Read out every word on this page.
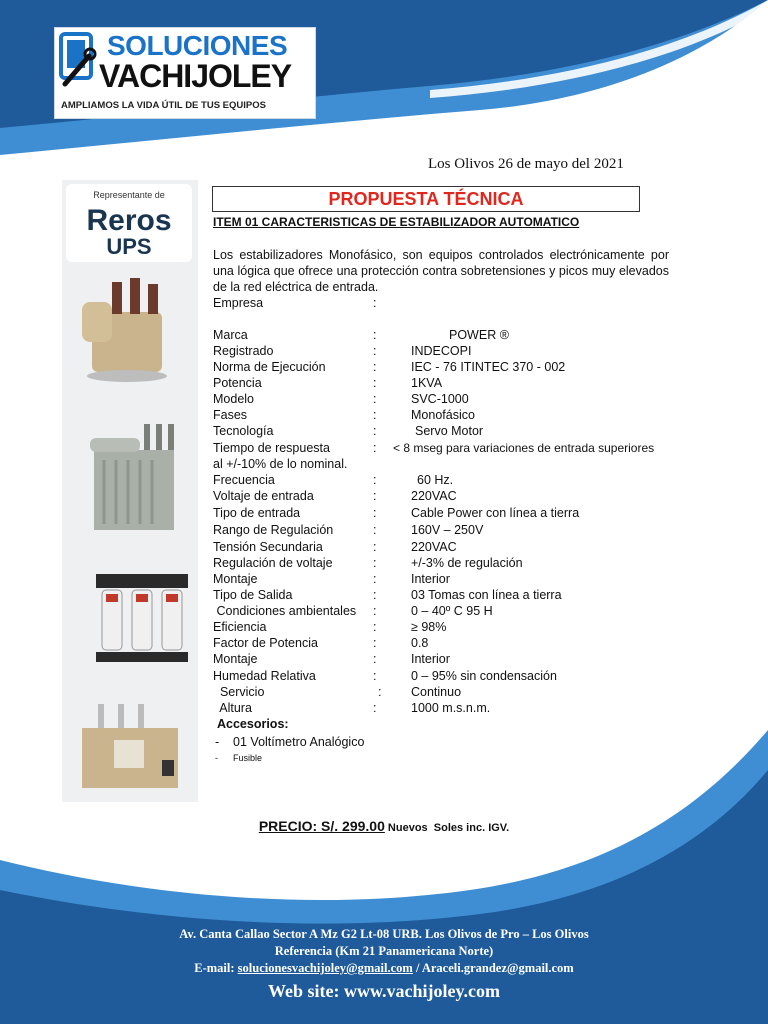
SOLUCIONES
VACHIJOLEY
AMPLIAMOS LA VIDA ÚTIL DE TUS EQUIPOS
Los Olivos 26 de mayo del 2021
Representante de
Reros
UPS
PROPUESTA TÉCNICA
ITEM 01 CARACTERISTICAS DE ESTABILIZADOR AUTOMATICO
Los estabilizadores Monofásico, son equipos controlados electrónicamente por una lógica que ofrece una protección contra sobretensiones y picos muy elevados de la red eléctrica de entrada.
Empresa	:
Marca	:	POWER ®
Registrado	:	INDECOPI
Norma de Ejecución	:	IEC - 76 ITINTEC 370 - 002
Potencia	:	1KVA
Modelo	:	SVC-1000
Fases	:	Monofásico
Tecnología	:	Servo Motor
Tiempo de respuesta	: < 8 mseg para variaciones de entrada superiores
al +/-10% de lo nominal.
Frecuencia	:	60 Hz.
Voltaje de entrada	:	220VAC
Tipo de entrada	:	Cable Power con línea a tierra
Rango de Regulación	:	160V – 250V
Tensión Secundaria	:	220VAC
Regulación de voltaje	:	+/-3% de regulación
Montaje	:	Interior
Tipo de Salida	:	03 Tomas con línea a tierra
Condiciones ambientales :	0 – 40º C 95 H
Eficiencia	:	≥ 98%
Factor de Potencia	:	0.8
Montaje	:	Interior
Humedad Relativa	:	0 – 95% sin condensación
Servicio	: Continuo
Altura	:	1000 m.s.n.m.
Accesorios:
-    01 Voltímetro Analógico
-      Fusible
PRECIO: S/. 299.00 Nuevos  Soles inc. IGV.
Av. Canta Callao Sector A Mz G2 Lt-08 URB. Los Olivos de Pro – Los Olivos
Referencia (Km 21 Panamericana Norte)
E-mail: solucionesvachijoley@gmail.com / Araceli.grandez@gmail.com
Web site: www.vachijoley.com
